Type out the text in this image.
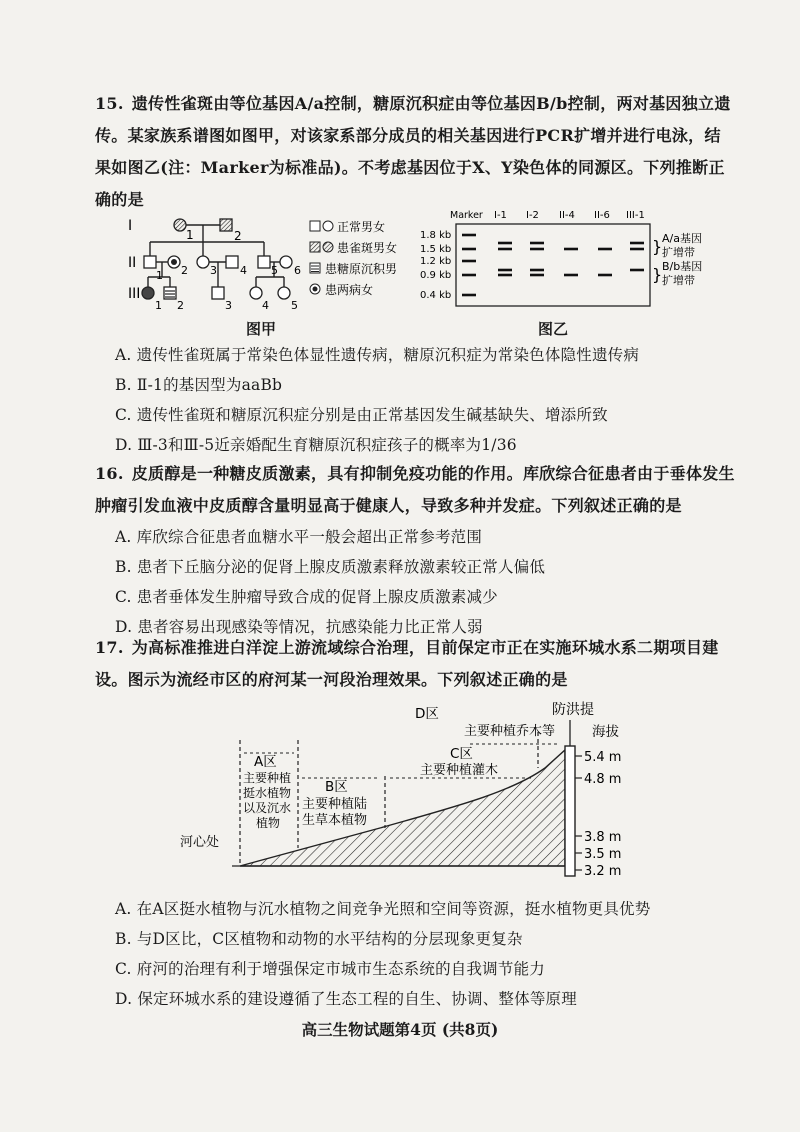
15. 遗传性雀斑由等位基因A/a控制，糖原沉积症由等位基因B/b控制，两对基因独立遗传。某家族系谱图如图甲，对该家系部分成员的相关基因进行PCR扩增并进行电泳，结果如图乙(注：Marker为标准品)。不考虑基因位于X、Y染色体的同源区。下列推断正确的是
I
II
III
1	2
1 2 3 4 5 6
1 2	3	4 5
正常男女
患雀斑男女
患糖原沉积男
患两病女
图甲
Marker I-1 I-2 II-4 II-6 III-1
1.8 kb
1.5 kb
1.2 kb
0.9 kb
0.4 kb
}
}
A/a基因
扩增带
B/b基因
扩增带
图乙
A. 遗传性雀斑属于常染色体显性遗传病，糖原沉积症为常染色体隐性遗传病
B. Ⅱ-1的基因型为aaBb
C. 遗传性雀斑和糖原沉积症分别是由正常基因发生碱基缺失、增添所致
D. Ⅲ-3和Ⅲ-5近亲婚配生育糖原沉积症孩子的概率为1/36
16. 皮质醇是一种糖皮质激素，具有抑制免疫功能的作用。库欣综合征患者由于垂体发生肿瘤引发血液中皮质醇含量明显高于健康人，导致多种并发症。下列叙述正确的是
A. 库欣综合征患者血糖水平一般会超出正常参考范围
B. 患者下丘脑分泌的促肾上腺皮质激素释放激素较正常人偏低
C. 患者垂体发生肿瘤导致合成的促肾上腺皮质激素减少
D. 患者容易出现感染等情况，抗感染能力比正常人弱
17. 为高标准推进白洋淀上游流域综合治理，目前保定市正在实施环城水系二期项目建设。图示为流经市区的府河某一河段治理效果。下列叙述正确的是
防洪提
D区
主要种植乔木等
C区
主要种植灌木
B区
主要种植陆
生草本植物
A区
主要种植
挺水植物
以及沉水
植物
河心处
海拔
5.4 m
4.8 m
3.8 m
3.5 m
3.2 m
A. 在A区挺水植物与沉水植物之间竞争光照和空间等资源，挺水植物更具优势
B. 与D区比，C区植物和动物的水平结构的分层现象更复杂
C. 府河的治理有利于增强保定市城市生态系统的自我调节能力
D. 保定环城水系的建设遵循了生态工程的自生、协调、整体等原理
高三生物试题第4页 (共8页)
